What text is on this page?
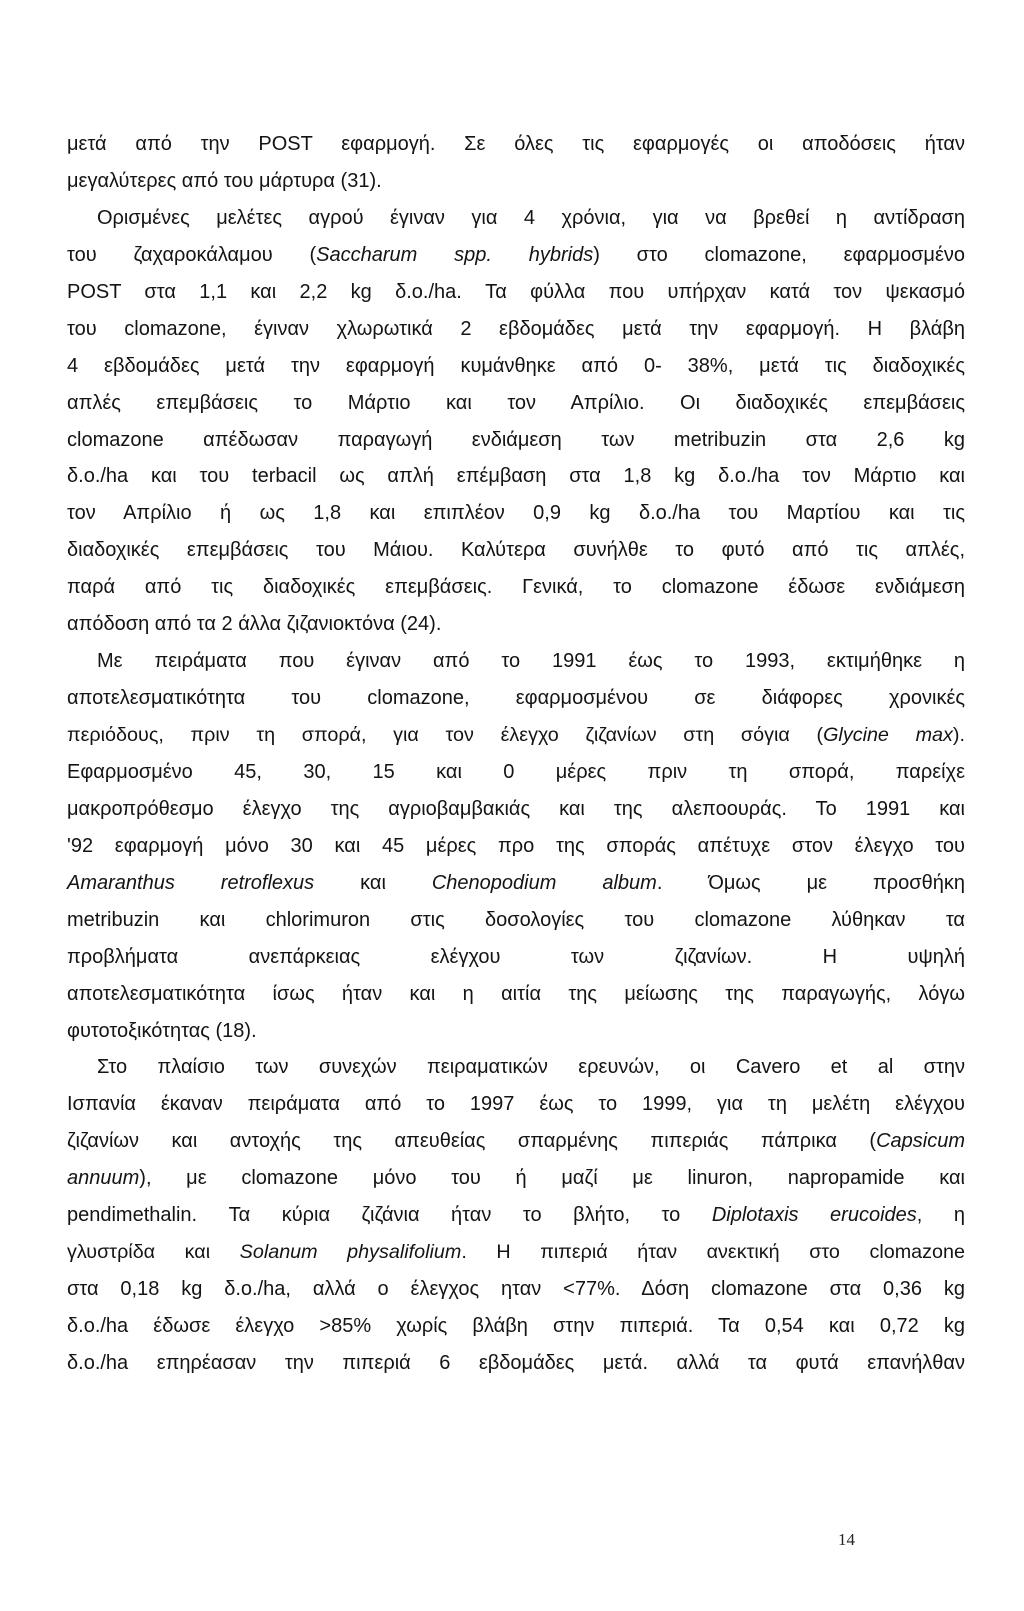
μετά από την POST εφαρμογή. Σε όλες τις εφαρμογές οι αποδόσεις ήταν
μεγαλύτερες από του μάρτυρα (31).

Ορισμένες μελέτες αγρού έγιναν για 4 χρόνια, για να βρεθεί η αντίδραση
του ζαχαροκάλαμου (Saccharum spp. hybrids) στο clomazone, εφαρμοσμένο
POST στα 1,1 και 2,2 kg δ.ο./ha. Τα φύλλα που υπήρχαν κατά τον ψεκασμό
του clomazone, έγιναν χλωρωτικά 2 εβδομάδες μετά την εφαρμογή. Η βλάβη
4 εβδομάδες μετά την εφαρμογή κυμάνθηκε από 0- 38%, μετά τις διαδοχικές
απλές επεμβάσεις το Μάρτιο και τον Απρίλιο. Οι διαδοχικές επεμβάσεις
clomazone απέδωσαν παραγωγή ενδιάμεση των metribuzin στα 2,6 kg
δ.ο./ha και του terbacil ως απλή επέμβαση στα 1,8 kg δ.ο./ha τον Μάρτιο και
τον Απρίλιο ή ως 1,8 και επιπλέον 0,9 kg δ.ο./ha του Μαρτίου και τις
διαδοχικές επεμβάσεις του Μάιου. Καλύτερα συνήλθε το φυτό από τις απλές,
παρά από τις διαδοχικές επεμβάσεις. Γενικά, το clomazone έδωσε ενδιάμεση
απόδοση από τα 2 άλλα ζιζανιοκτόνα (24).

Με πειράματα που έγιναν από το 1991 έως το 1993, εκτιμήθηκε η
αποτελεσματικότητα του clomazone, εφαρμοσμένου σε διάφορες χρονικές
περιόδους, πριν τη σπορά, για τον έλεγχο ζιζανίων στη σόγια (Glycine max).
Εφαρμοσμένο 45, 30, 15 και 0 μέρες πριν τη σπορά, παρείχε
μακροπρόθεσμο έλεγχο της αγριοβαμβακιάς και της αλεποουράς. Το 1991 και
'92 εφαρμογή μόνο 30 και 45 μέρες προ της σποράς απέτυχε στον έλεγχο του
Amaranthus retroflexus και Chenopodium album. Όμως με προσθήκη
metribuzin και chlorimuron στις δοσολογίες του clomazone λύθηκαν τα
προβλήματα ανεπάρκειας ελέγχου των ζιζανίων. Η υψηλή
αποτελεσματικότητα ίσως ήταν και η αιτία της μείωσης της παραγωγής, λόγω
φυτοτοξικότητας (18).

Στο πλαίσιο των συνεχών πειραματικών ερευνών, οι Cavero et al στην
Ισπανία έκαναν πειράματα από το 1997 έως το 1999, για τη μελέτη ελέγχου
ζιζανίων και αντοχής της απευθείας σπαρμένης πιπεριάς πάπρικα (Capsicum
annuum), με clomazone μόνο του ή μαζί με linuron, napropamide και
pendimethalin. Τα κύρια ζιζάνια ήταν το βλήτο, το Diplotaxis erucoides, η
γλυστρίδα και Solanum physalifolium. Η πιπεριά ήταν ανεκτική στο clomazone
στα 0,18 kg δ.ο./ha, αλλά ο έλεγχος ηταν <77%. Δόση clomazone στα 0,36 kg
δ.ο./ha έδωσε έλεγχο >85% χωρίς βλάβη στην πιπεριά. Τα 0,54 και 0,72 kg
δ.ο./ha επηρέασαν την πιπεριά 6 εβδομάδες μετά. αλλά τα φυτά επανήλθαν

14
